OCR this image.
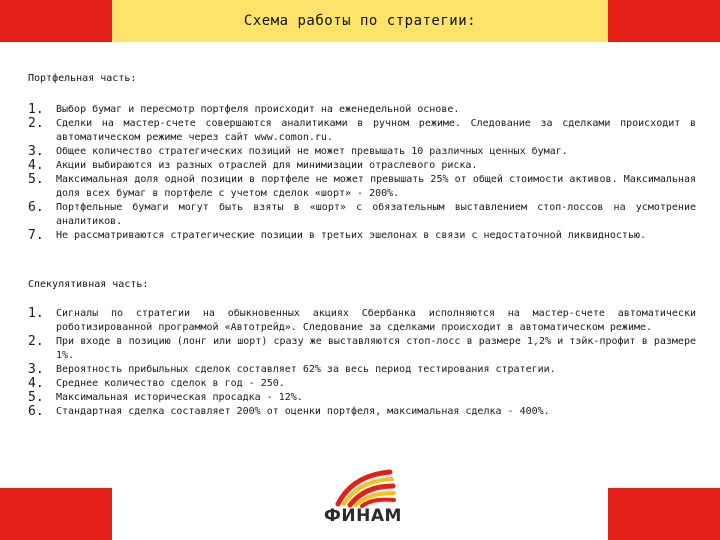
Схема работы по стратегии:

Портфельная часть:

1. Выбор бумаг и пересмотр портфеля происходит на еженедельной основе.
2. Сделки на мастер-счете совершаются аналитиками в ручном режиме. Следование за сделками происходит в автоматическом режиме через сайт www.comon.ru.
3. Общее количество стратегических позиций не может превышать 10 различных ценных бумаг.
4. Акции выбираются из разных отраслей для минимизации отраслевого риска.
5. Максимальная доля одной позиции в портфеле не может превышать 25% от общей стоимости активов. Максимальная доля всех бумаг в портфеле с учетом сделок «шорт» - 200%.
6. Портфельные бумаги могут быть взяты в «шорт» с обязательным выставлением стоп-лоссов на усмотрение аналитиков.
7. Не рассматриваются стратегические позиции в третьих эшелонах в связи с недостаточной ликвидностью.

Спекулятивная часть:

1. Сигналы по стратегии на обыкновенных акциях Сбербанка исполняются на мастер-счете автоматически роботизированной программой «Автотрейд». Следование за сделками происходит в автоматическом режиме.
2. При входе в позицию (лонг или шорт) сразу же выставляются стоп-лосс в размере 1,2% и тэйк-профит в размере 1%.
3. Вероятность прибыльных сделок составляет 62% за весь период тестирования стратегии.
4. Среднее количество сделок в год - 250.
5. Максимальная историческая просадка - 12%.
6. Стандартная сделка составляет 200% от оценки портфеля, максимальная сделка - 400%.
ФИНАМ
